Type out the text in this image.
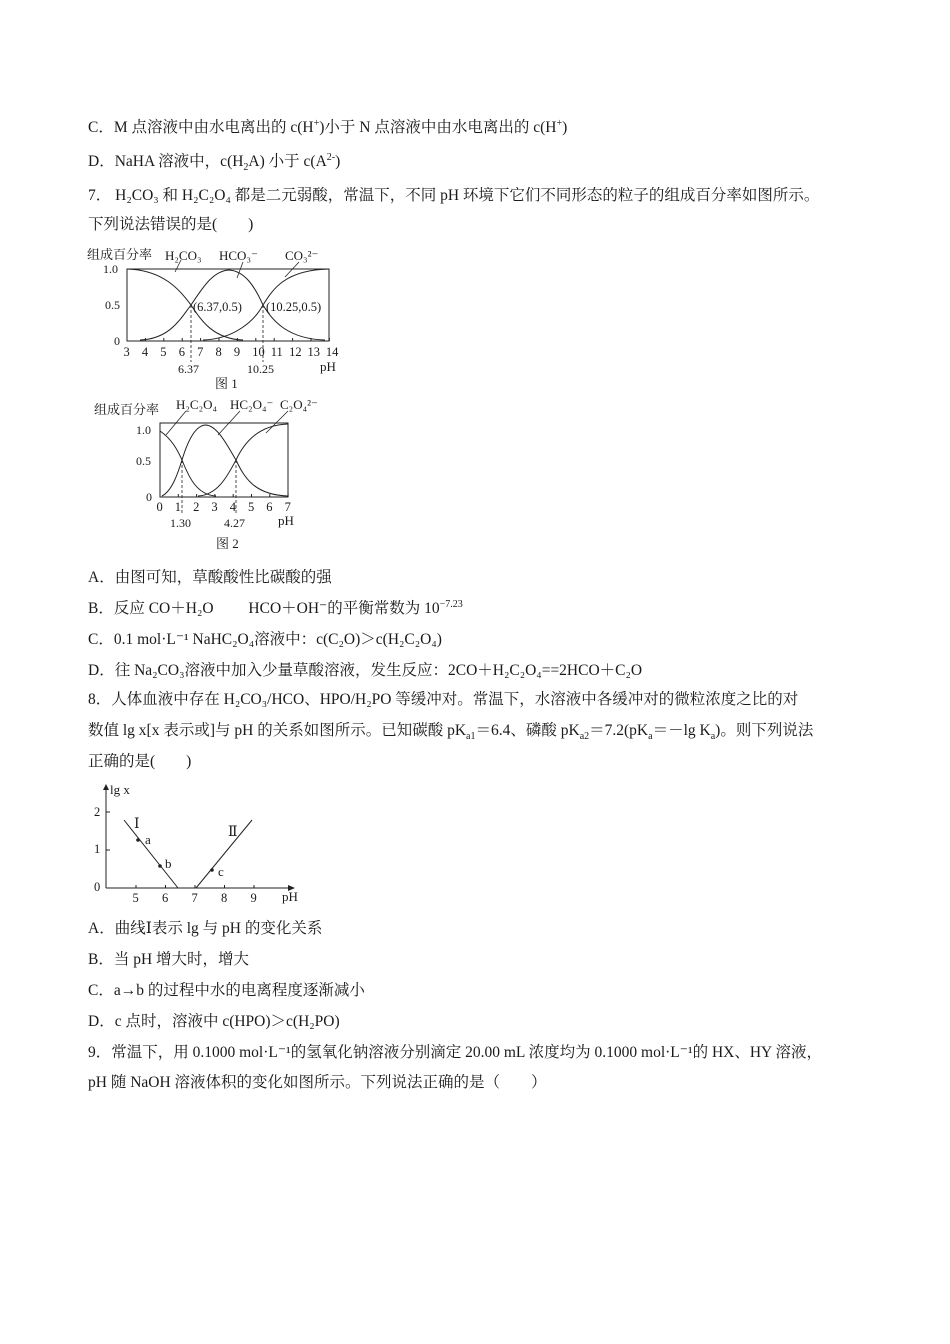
C．M 点溶液中由水电离出的 c(H+)小于 N 点溶液中由水电离出的 c(H+)
D．NaHA 溶液中，$c(H_2A)$ 小于 $c(A^{2-})$
7． H₂CO₃ 和 H₂C₂O₄ 都是二元弱酸，常温下，不同 pH 环境下它们不同形态的粒子的组成百分率如图所示。
下列说法错误的是(　　)
组成百分率 H₂CO₃ HCO₃⁻ CO₃²⁻
1.0
0.5
0
3 4 5 6 7 8 9 10 11 12 13 14
(6.37,0.5) (10.25,0.5)
6.37	10.25	pH
图 1
组成百分率 H₂C₂O₄ HC₂O₄⁻ C₂O₄²⁻
1.0
0.5
0
0 1 2 3 4 5 6 7
1.30	4.27	pH
图 2
A．由图可知，草酸酸性比碳酸的强
B．反应 CO＋H₂O　　 HCO＋OH⁻的平衡常数为 $10^{-7.23}$
C．0.1 mol·L⁻¹ NaHC₂O₄溶液中：c(C₂O)＞c(H₂C₂O₄)
D．往 Na₂CO₃溶液中加入少量草酸溶液，发生反应：2CO＋H₂C₂O₄==2HCO＋C₂O
8．人体血液中存在 H₂CO₃/HCO、HPO/H₂PO 等缓冲对。常温下，水溶液中各缓冲对的微粒浓度之比的对
数值 lg x[x 表示或]与 pH 的关系如图所示。已知碳酸 $pK_{a1}=6.4$、磷酸 $pK_{a2}=7.2(pK_a=-\lg$ $K_a$)。则下列说法
正确的是(　　)
lg x
2
1
0
5 6 7 8 9 pH
Ⅰ
Ⅱ
a
b
c
A．曲线Ⅰ表示 lg 与 pH 的变化关系
B．当 pH 增大时，增大
C．a→b 的过程中水的电离程度逐渐减小
D．c 点时，溶液中 c(HPO)＞c(H₂PO)
9．常温下，用 0.1000 mol·L⁻¹的氢氧化钠溶液分别滴定 20.00 mL 浓度均为 0.1000 mol·L⁻¹的 HX、HY 溶液，
pH 随 NaOH 溶液体积的变化如图所示。下列说法正确的是（　　）
